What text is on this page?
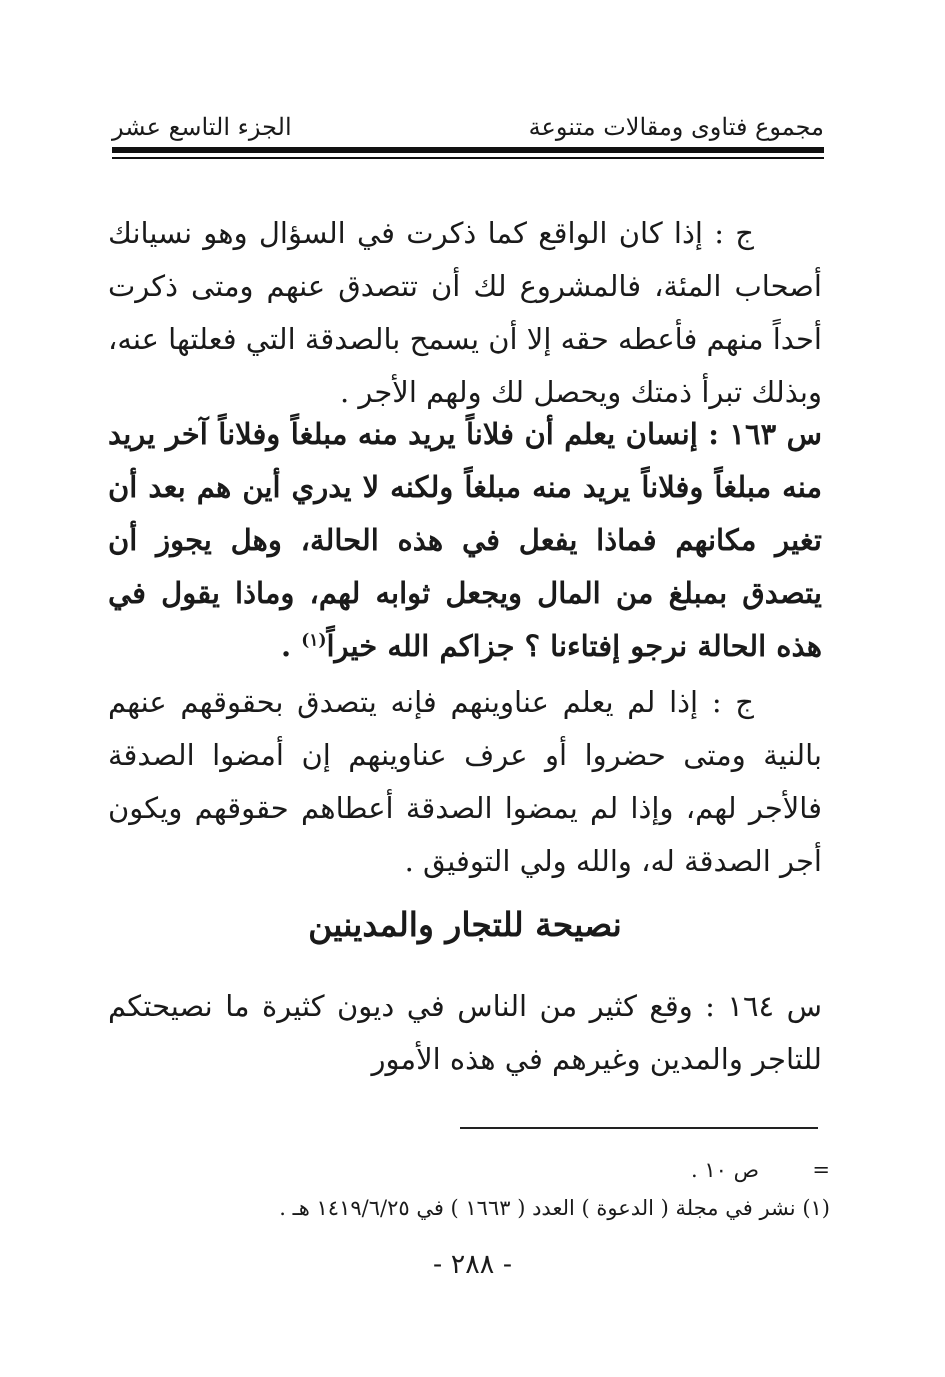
مجموع فتاوى ومقالات متنوعة
الجزء التاسع عشر
ج : إذا كان الواقع كما ذكرت في السؤال وهو نسيانك أصحاب المئة، فالمشروع لك أن تتصدق عنهم ومتى ذكرت أحداً منهم فأعطه حقه إلا أن يسمح بالصدقة التي فعلتها عنه، وبذلك تبرأ ذمتك ويحصل لك ولهم الأجر .
س ١٦٣ : إنسان يعلم أن فلاناً يريد منه مبلغاً وفلاناً آخر يريد منه مبلغاً وفلاناً يريد منه مبلغاً ولكنه لا يدري أين هم بعد أن تغير مكانهم فماذا يفعل في هذه الحالة، وهل يجوز أن يتصدق بمبلغ من المال ويجعل ثوابه لهم، وماذا يقول في هذه الحالة نرجو إفتاءنا ؟ جزاكم الله خيراً$^{(١)}$ .
ج : إذا لم يعلم عناوينهم فإنه يتصدق بحقوقهم عنهم بالنية ومتى حضروا أو عرف عناوينهم إن أمضوا الصدقة فالأجر لهم، وإذا لم يمضوا الصدقة أعطاهم حقوقهم ويكون أجر الصدقة له، والله ولي التوفيق .
نصيحة للتجار والمدينين
س ١٦٤ : وقع كثير من الناس في ديون كثيرة ما نصيحتكم للتاجر والمدين وغيرهم في هذه الأمور
=  ص ١٠ .
(١) نشر في مجلة ( الدعوة ) العدد ( ١٦٦٣ ) في ١٤١٩/٦/٢٥ هـ .
- ٢٨٨ -
